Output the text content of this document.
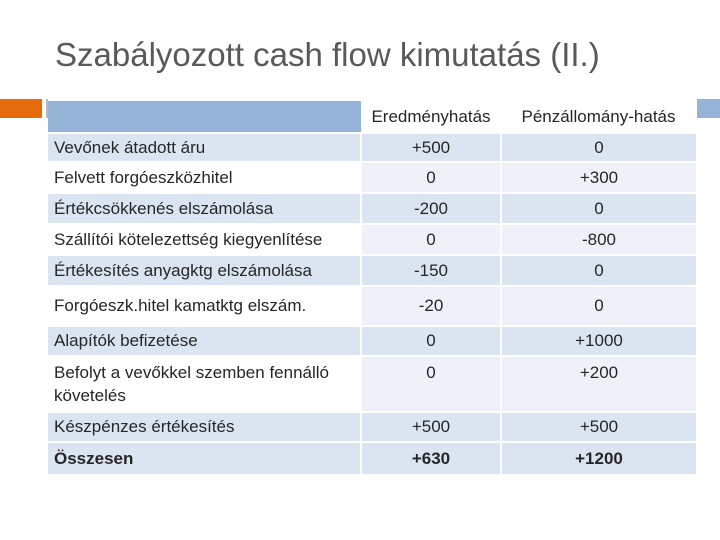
Szabályozott cash flow kimutatás (II.)
	Eredményhatás	Pénzállomány-hatás
Vevőnek átadott áru	+500	0
Felvett forgóeszközhitel	0	+300
Értékcsökkenés elszámolása	-200	0
Szállítói kötelezettség kiegyenlítése	0	-800
Értékesítés anyagktg elszámolása	-150	0
Forgóeszk.hitel kamatktg elszám.	-20	0
Alapítók befizetése	0	+1000
Befolyt a vevőkkel szemben fennálló követelés	0	+200
Készpénzes értékesítés	+500	+500
Összesen	+630	+1200
